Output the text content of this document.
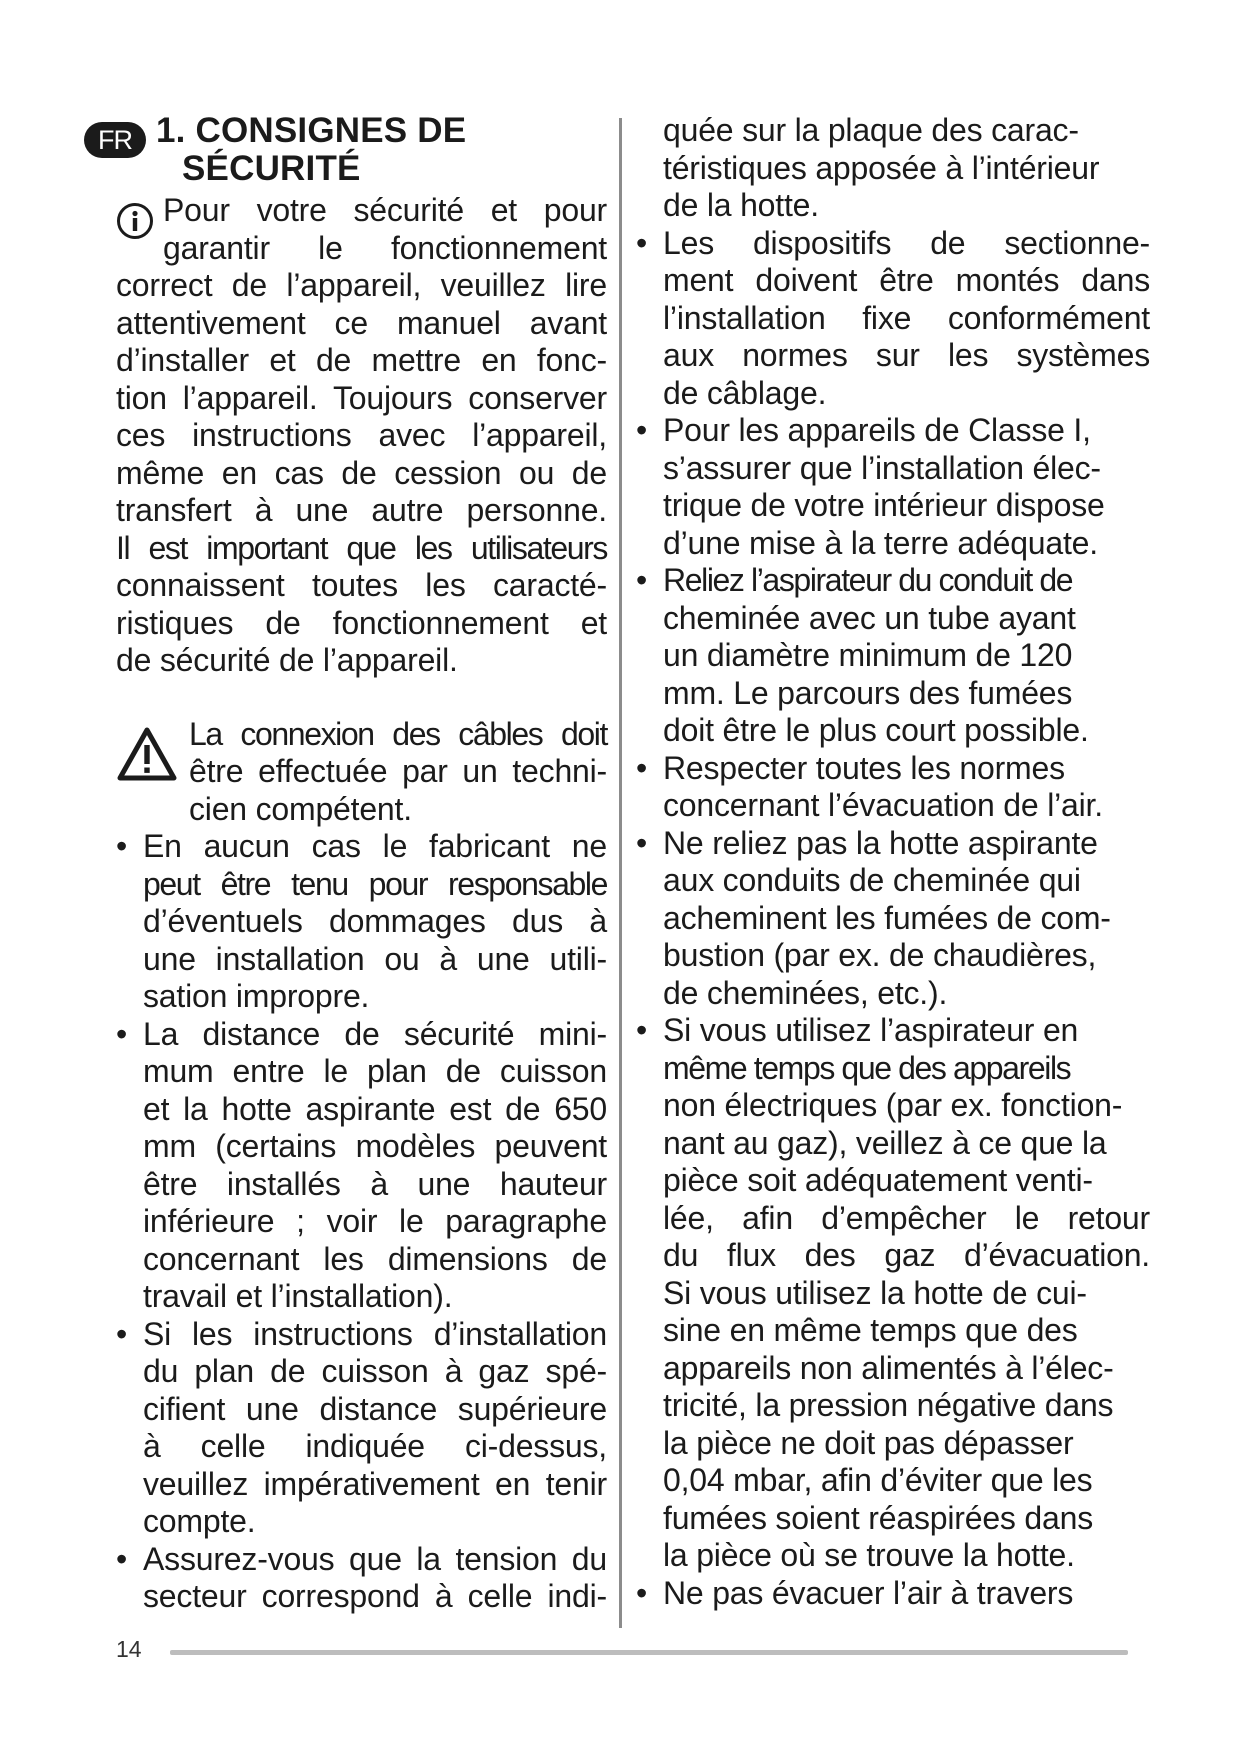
FR 1. CONSIGNES DE
SÉCURITÉ
Pour votre sécurité et pour
garantir le fonctionnement
correct de l’appareil, veuillez lire
attentivement ce manuel avant
d’installer et de mettre en fonc-
tion l’appareil. Toujours conserver
ces instructions avec l’appareil,
même en cas de cession ou de
transfert à une autre personne.
Il est important que les utilisateurs
connaissent toutes les caracté-
ristiques de fonctionnement et
de sécurité de l’appareil.
La connexion des câbles doit
être effectuée par un techni-
cien compétent.
• En aucun cas le fabricant ne
peut être tenu pour responsable
d’éventuels dommages dus à
une installation ou à une utili-
sation impropre.
• La distance de sécurité mini-
mum entre le plan de cuisson
et la hotte aspirante est de 650
mm (certains modèles peuvent
être installés à une hauteur
inférieure ; voir le paragraphe
concernant les dimensions de
travail et l’installation).
• Si les instructions d’installation
du plan de cuisson à gaz spé-
cifient une distance supérieure
à celle indiquée ci-dessus,
veuillez impérativement en tenir
compte.
• Assurez-vous que la tension du
secteur correspond à celle indi-
quée sur la plaque des carac-
téristiques apposée à l’intérieur
de la hotte.
• Les dispositifs de sectionne-
ment doivent être montés dans
l’installation fixe conformément
aux normes sur les systèmes
de câblage.
• Pour les appareils de Classe I,
s’assurer que l’installation élec-
trique de votre intérieur dispose
d’une mise à la terre adéquate.
• Reliez l’aspirateur du conduit de
cheminée avec un tube ayant
un diamètre minimum de 120
mm. Le parcours des fumées
doit être le plus court possible.
• Respecter toutes les normes
concernant l’évacuation de l’air.
• Ne reliez pas la hotte aspirante
aux conduits de cheminée qui
acheminent les fumées de com-
bustion (par ex. de chaudières,
de cheminées, etc.).
• Si vous utilisez l’aspirateur en
même temps que des appareils
non électriques (par ex. fonction-
nant au gaz), veillez à ce que la
pièce soit adéquatement venti-
lée, afin d’empêcher le retour
du flux des gaz d’évacuation.
Si vous utilisez la hotte de cui-
sine en même temps que des
appareils non alimentés à l’élec-
tricité, la pression négative dans
la pièce ne doit pas dépasser
0,04 mbar, afin d’éviter que les
fumées soient réaspirées dans
la pièce où se trouve la hotte.
• Ne pas évacuer l’air à travers
14
